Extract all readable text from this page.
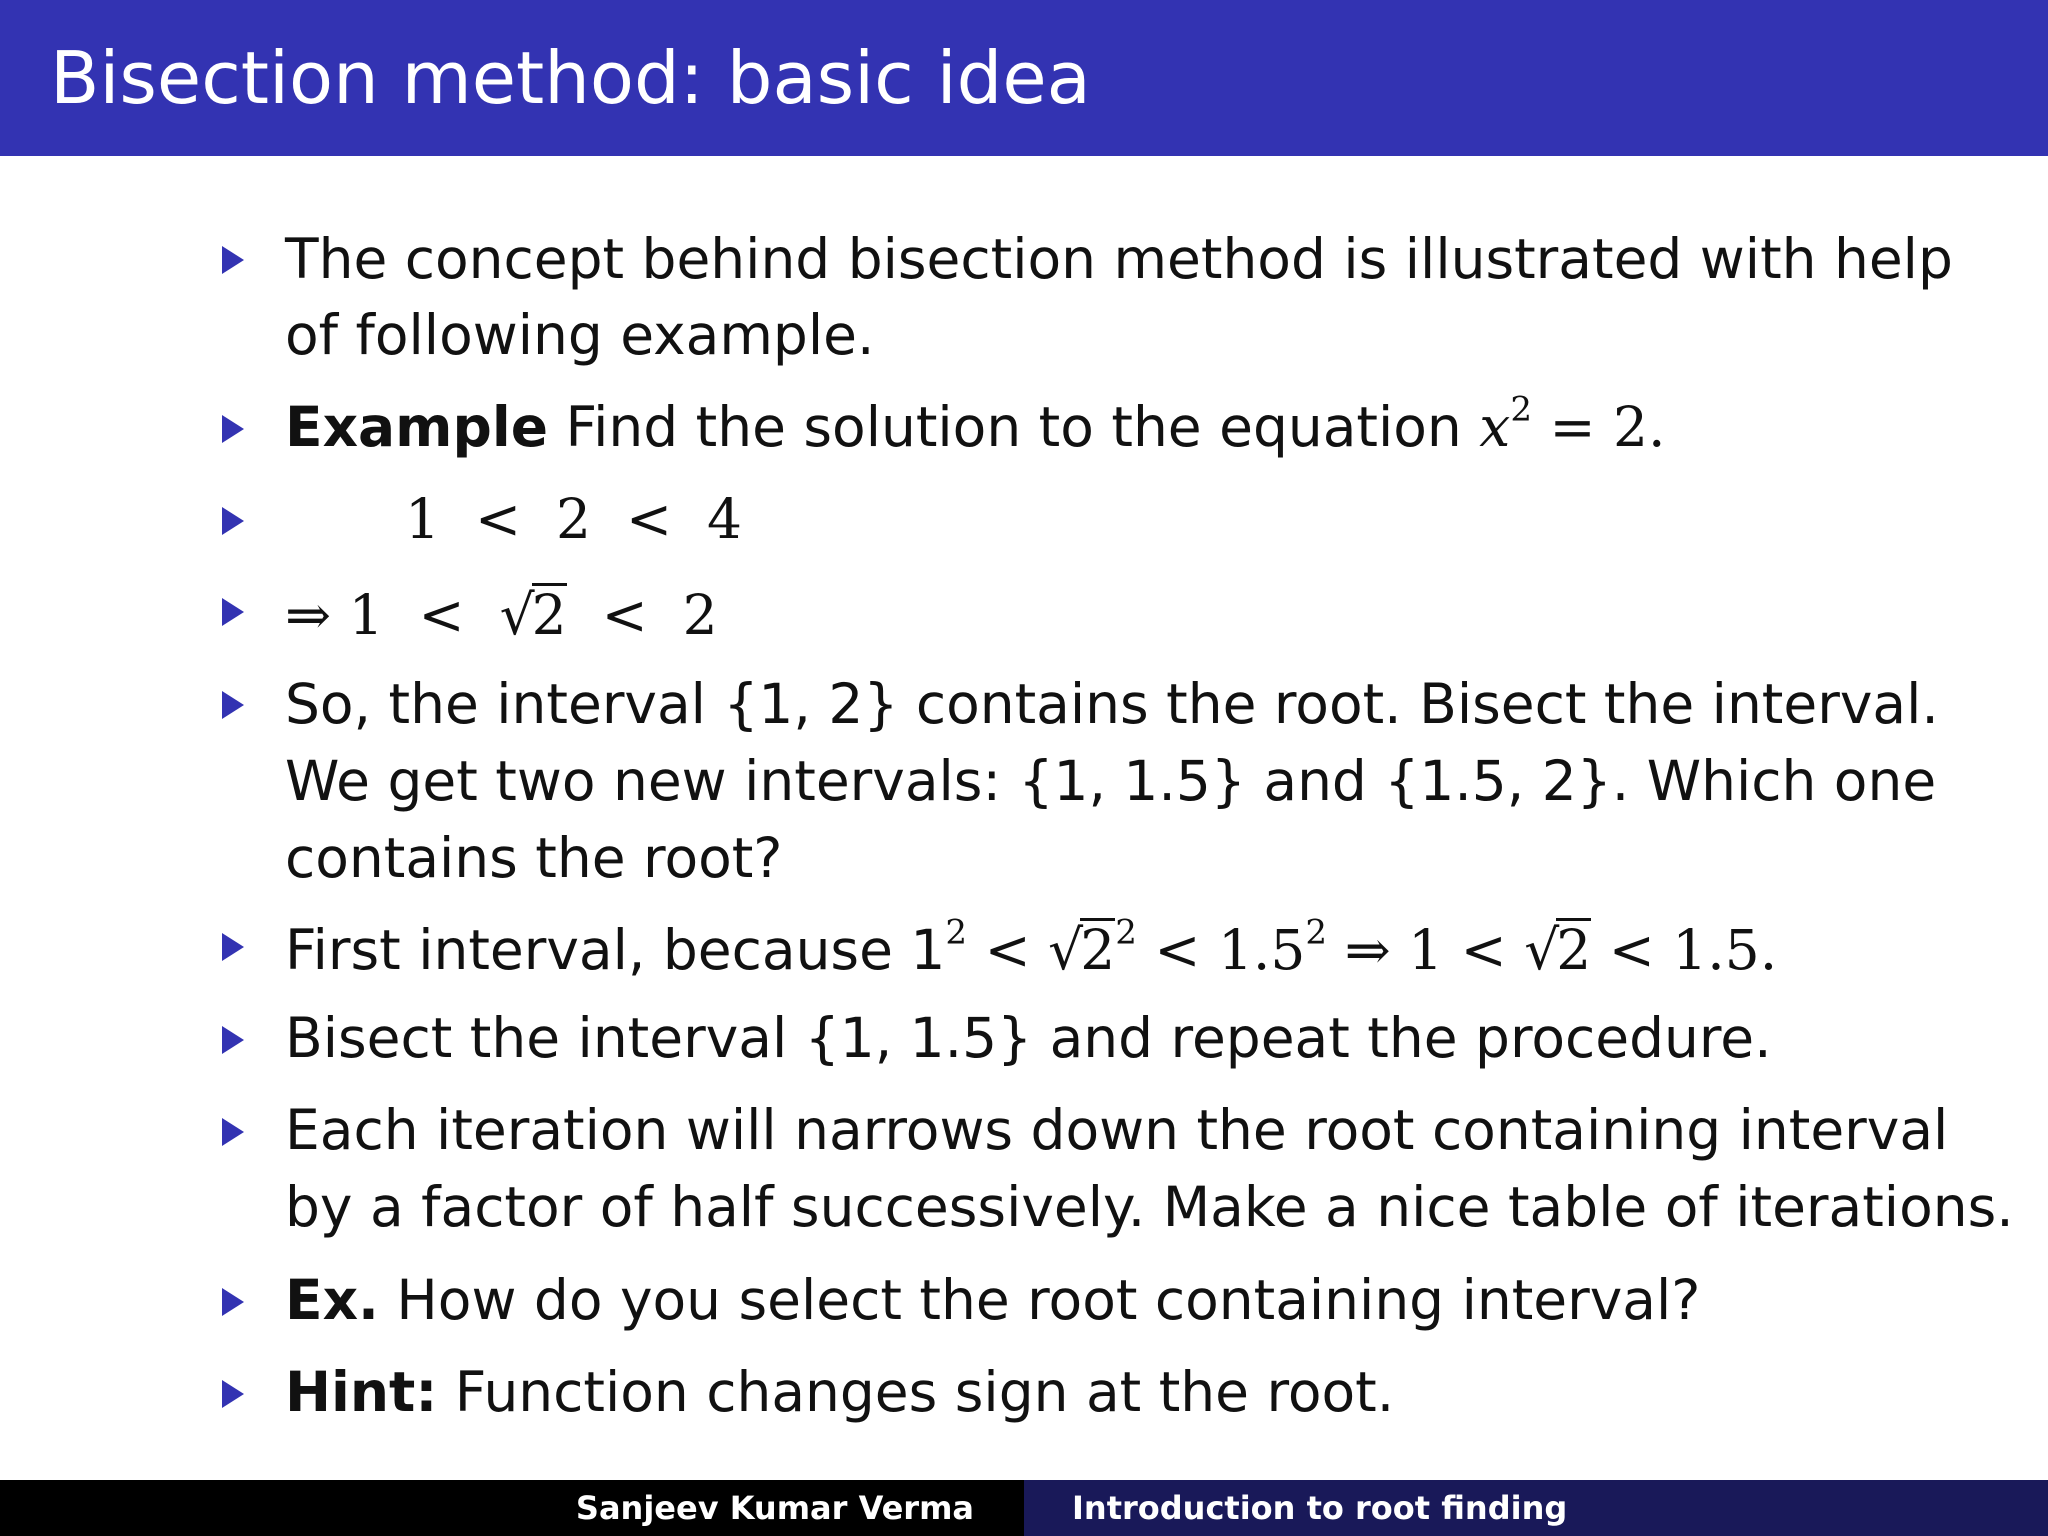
Bisection method: basic idea
The concept behind bisection method is illustrated with help
of following example.
Example Find the solution to the equation $x^2 = 2$.
1  <  2  <  4
⇒ 1  <  √2  <  2
So, the interval {1, 2} contains the root. Bisect the interval.
We get two new intervals: {1, 1.5} and {1.5, 2}. Which one
contains the root?
First interval, because $1^2 < √2^2 < 1.5^2$ ⇒ 1 < √2 < 1.5.
Bisect the interval {1, 1.5} and repeat the procedure.
Each iteration will narrows down the root containing interval
by a factor of half successively. Make a nice table of iterations.
Ex. How do you select the root containing interval?
Hint: Function changes sign at the root.
Sanjeev Kumar Verma	Introduction to root finding
